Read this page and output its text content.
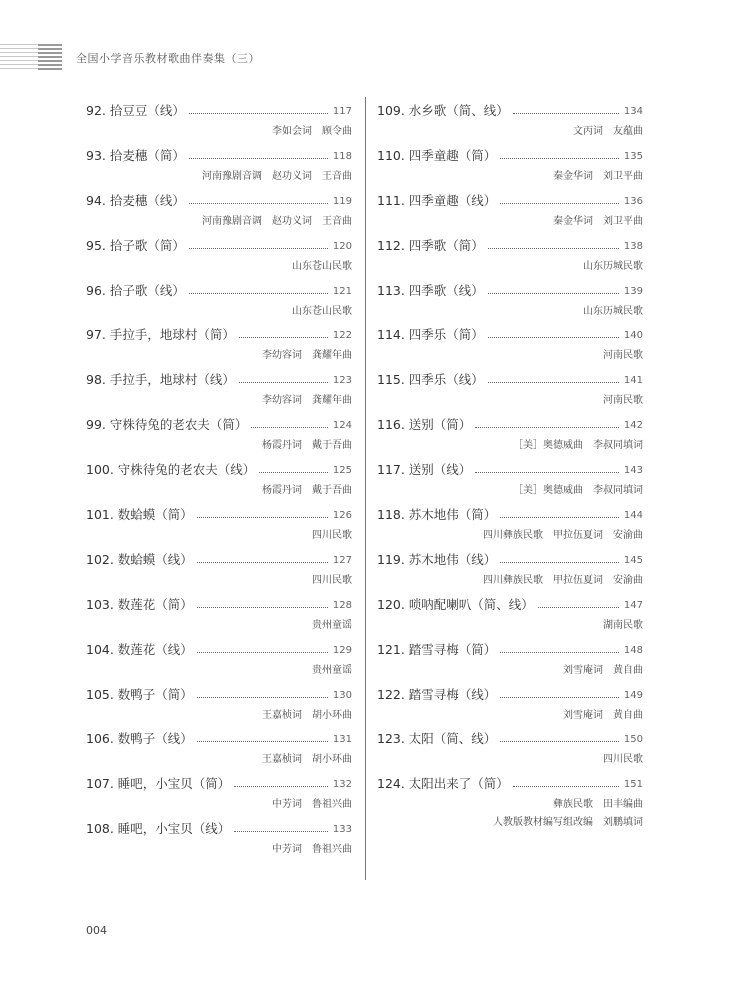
全国小学音乐教材歌曲伴奏集（三）
92. 拾豆豆（线）	117
李如会词　顾令曲
93. 拾麦穗（简）	118
河南豫剧音调　赵功义词　王音曲
94. 拾麦穗（线）	119
河南豫剧音调　赵功义词　王音曲
95. 拾子歌（简）	120
山东苍山民歌
96. 拾子歌（线）	121
山东苍山民歌
97. 手拉手，地球村（简）	122
李幼容词　龚耀年曲
98. 手拉手，地球村（线）	123
李幼容词　龚耀年曲
99. 守株待兔的老农夫（简）	124
杨霞丹词　戴于吾曲
100. 守株待兔的老农夫（线）	125
杨霞丹词　戴于吾曲
101. 数蛤蟆（简）	126
四川民歌
102. 数蛤蟆（线）	127
四川民歌
103. 数莲花（简）	128
贵州童谣
104. 数莲花（线）	129
贵州童谣
105. 数鸭子（简）	130
王嘉桢词　胡小环曲
106. 数鸭子（线）	131
王嘉桢词　胡小环曲
107. 睡吧，小宝贝（简）	132
中芳词　鲁祖兴曲
108. 睡吧，小宝贝（线）	133
中芳词　鲁祖兴曲
109. 水乡歌（简、线）	134
文丙词　友蕴曲
110. 四季童趣（简）	135
秦金华词　刘卫平曲
111. 四季童趣（线）	136
秦金华词　刘卫平曲
112. 四季歌（简）	138
山东历城民歌
113. 四季歌（线）	139
山东历城民歌
114. 四季乐（简）	140
河南民歌
115. 四季乐（线）	141
河南民歌
116. 送别（简）	142
［美］奥德威曲　李叔同填词
117. 送别（线）	143
［美］奥德威曲　李叔同填词
118. 苏木地伟（简）	144
四川彝族民歌　甲拉伍夏词　安渝曲
119. 苏木地伟（线）	145
四川彝族民歌　甲拉伍夏词　安渝曲
120. 唢呐配喇叭（简、线）	147
湖南民歌
121. 踏雪寻梅（简）	148
刘雪庵词　黄自曲
122. 踏雪寻梅（线）	149
刘雪庵词　黄自曲
123. 太阳（简、线）	150
四川民歌
124. 太阳出来了（简）	151
彝族民歌　田丰编曲
人教版教材编写组改编　刘鹏填词
004
